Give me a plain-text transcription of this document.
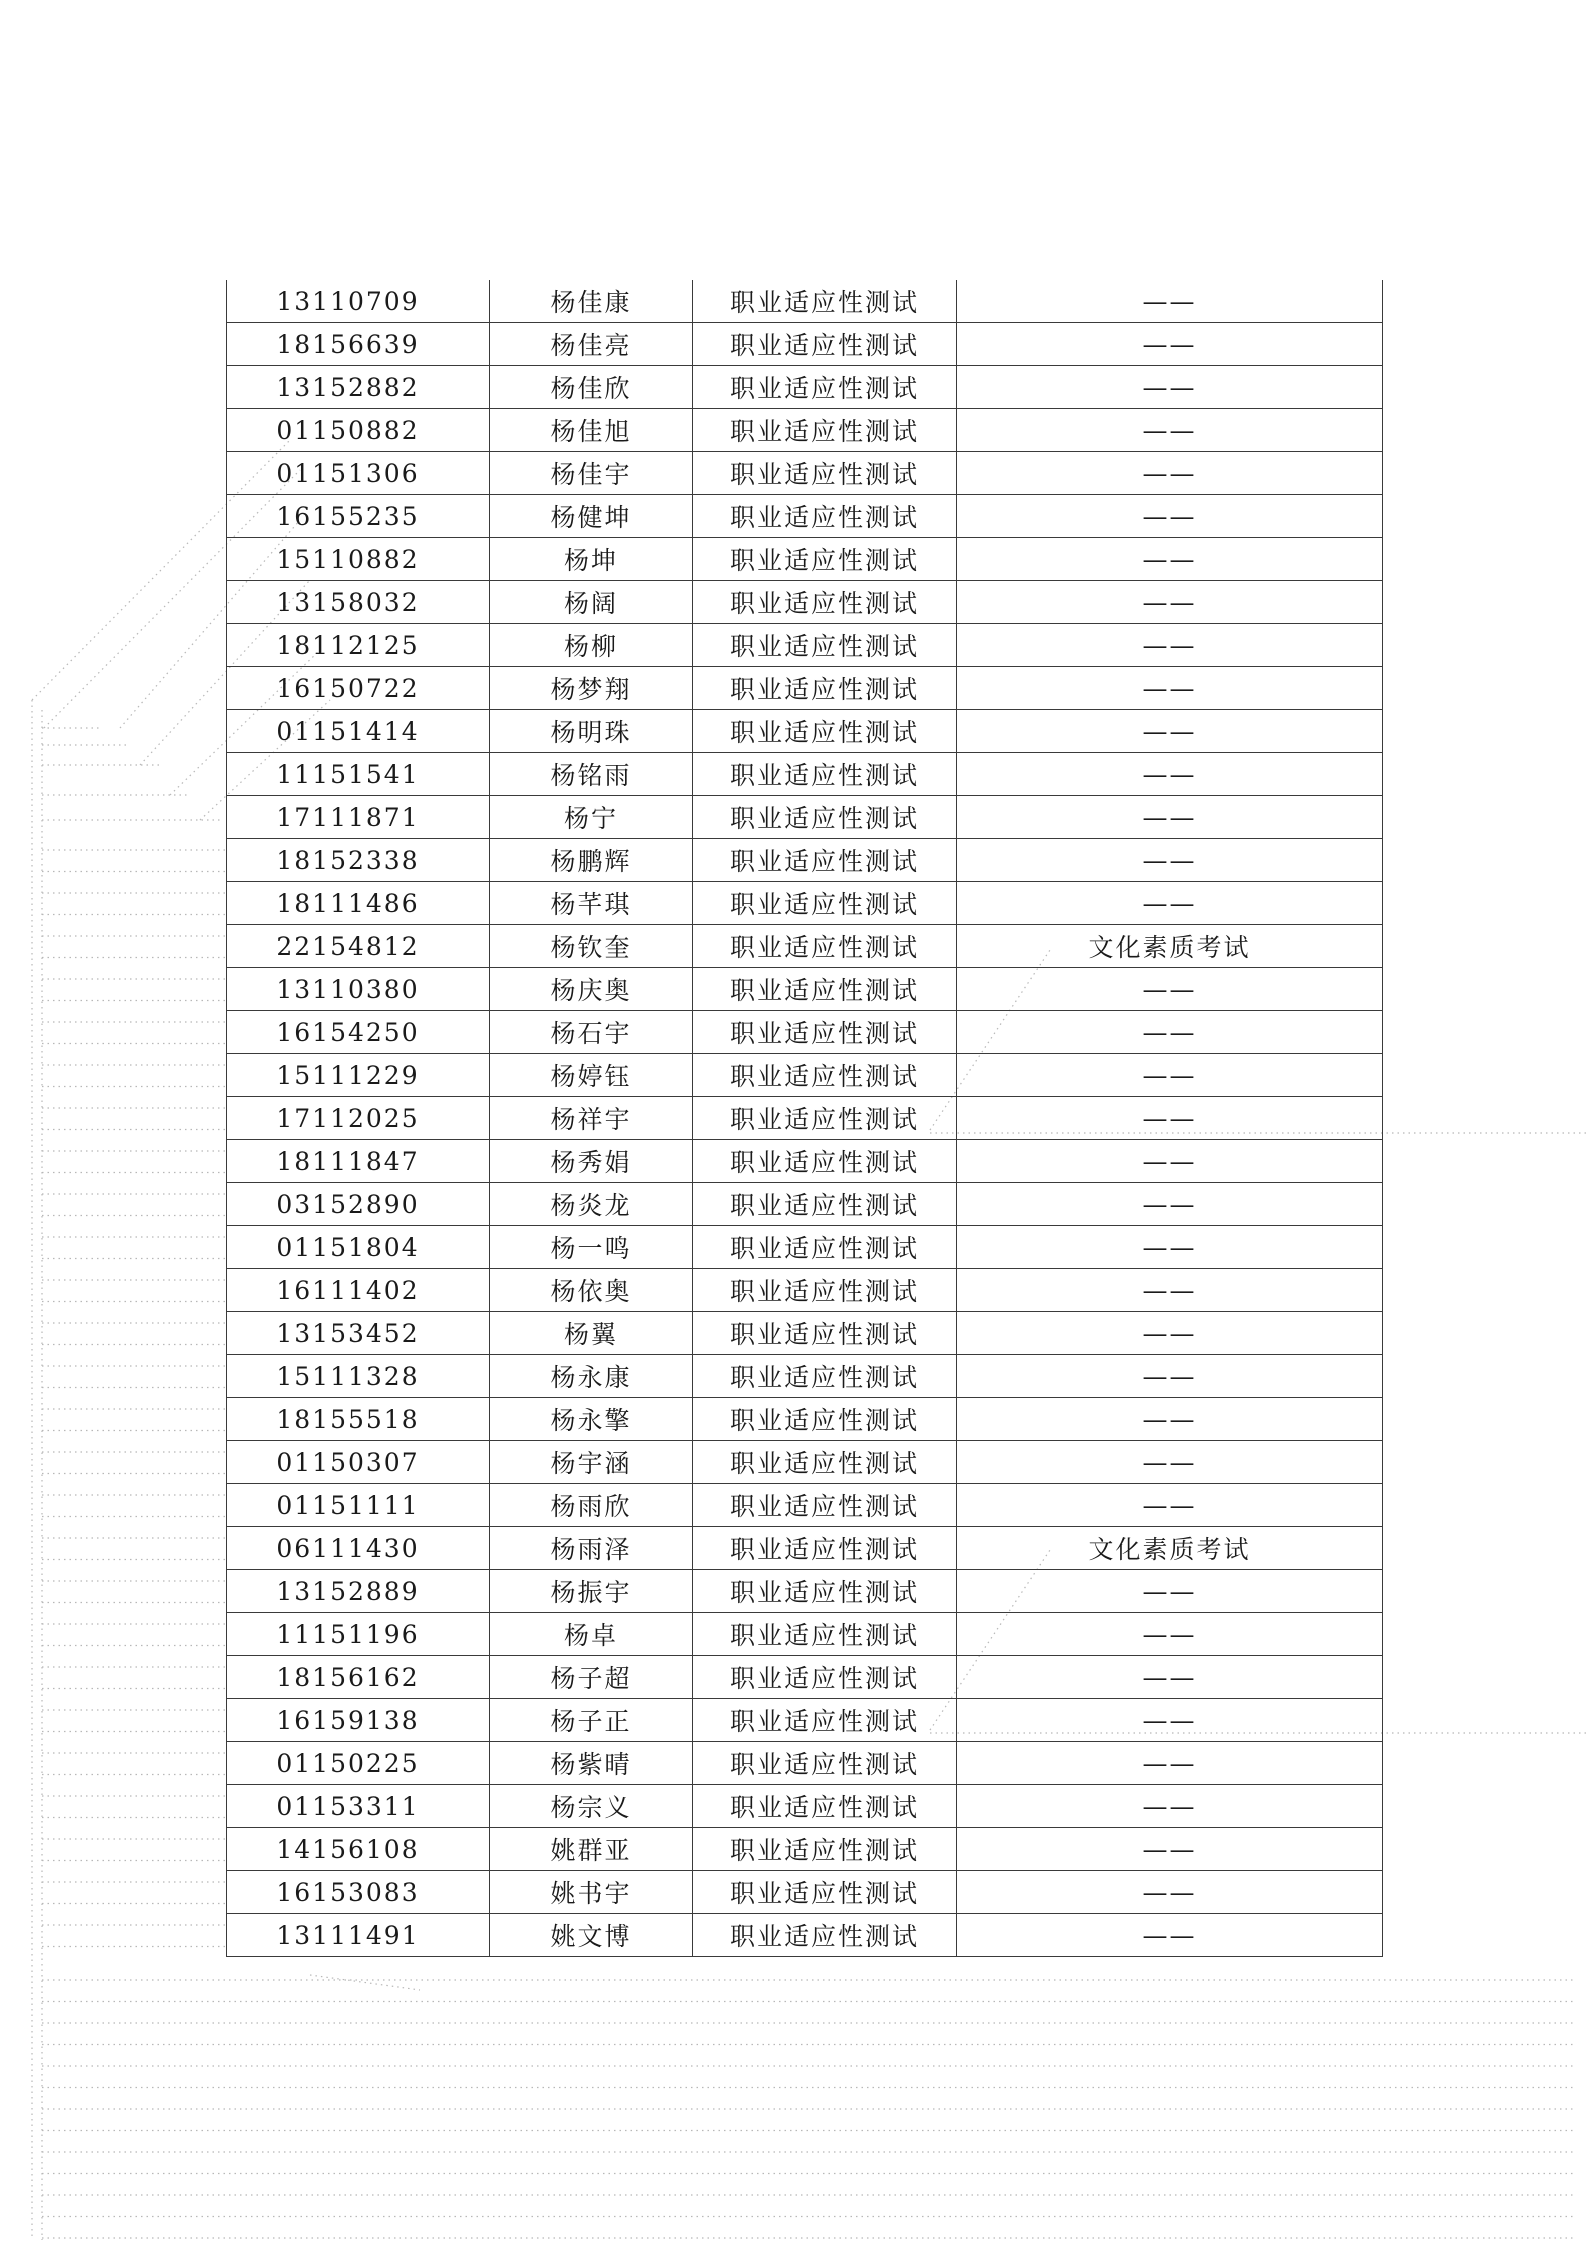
13110709	杨佳康	职业适应性测试	——
18156639	杨佳亮	职业适应性测试	——
13152882	杨佳欣	职业适应性测试	——
01150882	杨佳旭	职业适应性测试	——
01151306	杨佳宇	职业适应性测试	——
16155235	杨健坤	职业适应性测试	——
15110882	杨坤	职业适应性测试	——
13158032	杨阔	职业适应性测试	——
18112125	杨柳	职业适应性测试	——
16150722	杨梦翔	职业适应性测试	——
01151414	杨明珠	职业适应性测试	——
11151541	杨铭雨	职业适应性测试	——
17111871	杨宁	职业适应性测试	——
18152338	杨鹏辉	职业适应性测试	——
18111486	杨芊琪	职业适应性测试	——
22154812	杨钦奎	职业适应性测试	文化素质考试
13110380	杨庆奥	职业适应性测试	——
16154250	杨石宇	职业适应性测试	——
15111229	杨婷钰	职业适应性测试	——
17112025	杨祥宇	职业适应性测试	——
18111847	杨秀娟	职业适应性测试	——
03152890	杨炎龙	职业适应性测试	——
01151804	杨一鸣	职业适应性测试	——
16111402	杨依奥	职业适应性测试	——
13153452	杨翼	职业适应性测试	——
15111328	杨永康	职业适应性测试	——
18155518	杨永擎	职业适应性测试	——
01150307	杨宇涵	职业适应性测试	——
01151111	杨雨欣	职业适应性测试	——
06111430	杨雨泽	职业适应性测试	文化素质考试
13152889	杨振宇	职业适应性测试	——
11151196	杨卓	职业适应性测试	——
18156162	杨子超	职业适应性测试	——
16159138	杨子正	职业适应性测试	——
01150225	杨紫晴	职业适应性测试	——
01153311	杨宗义	职业适应性测试	——
14156108	姚群亚	职业适应性测试	——
16153083	姚书宇	职业适应性测试	——
13111491	姚文博	职业适应性测试	——
